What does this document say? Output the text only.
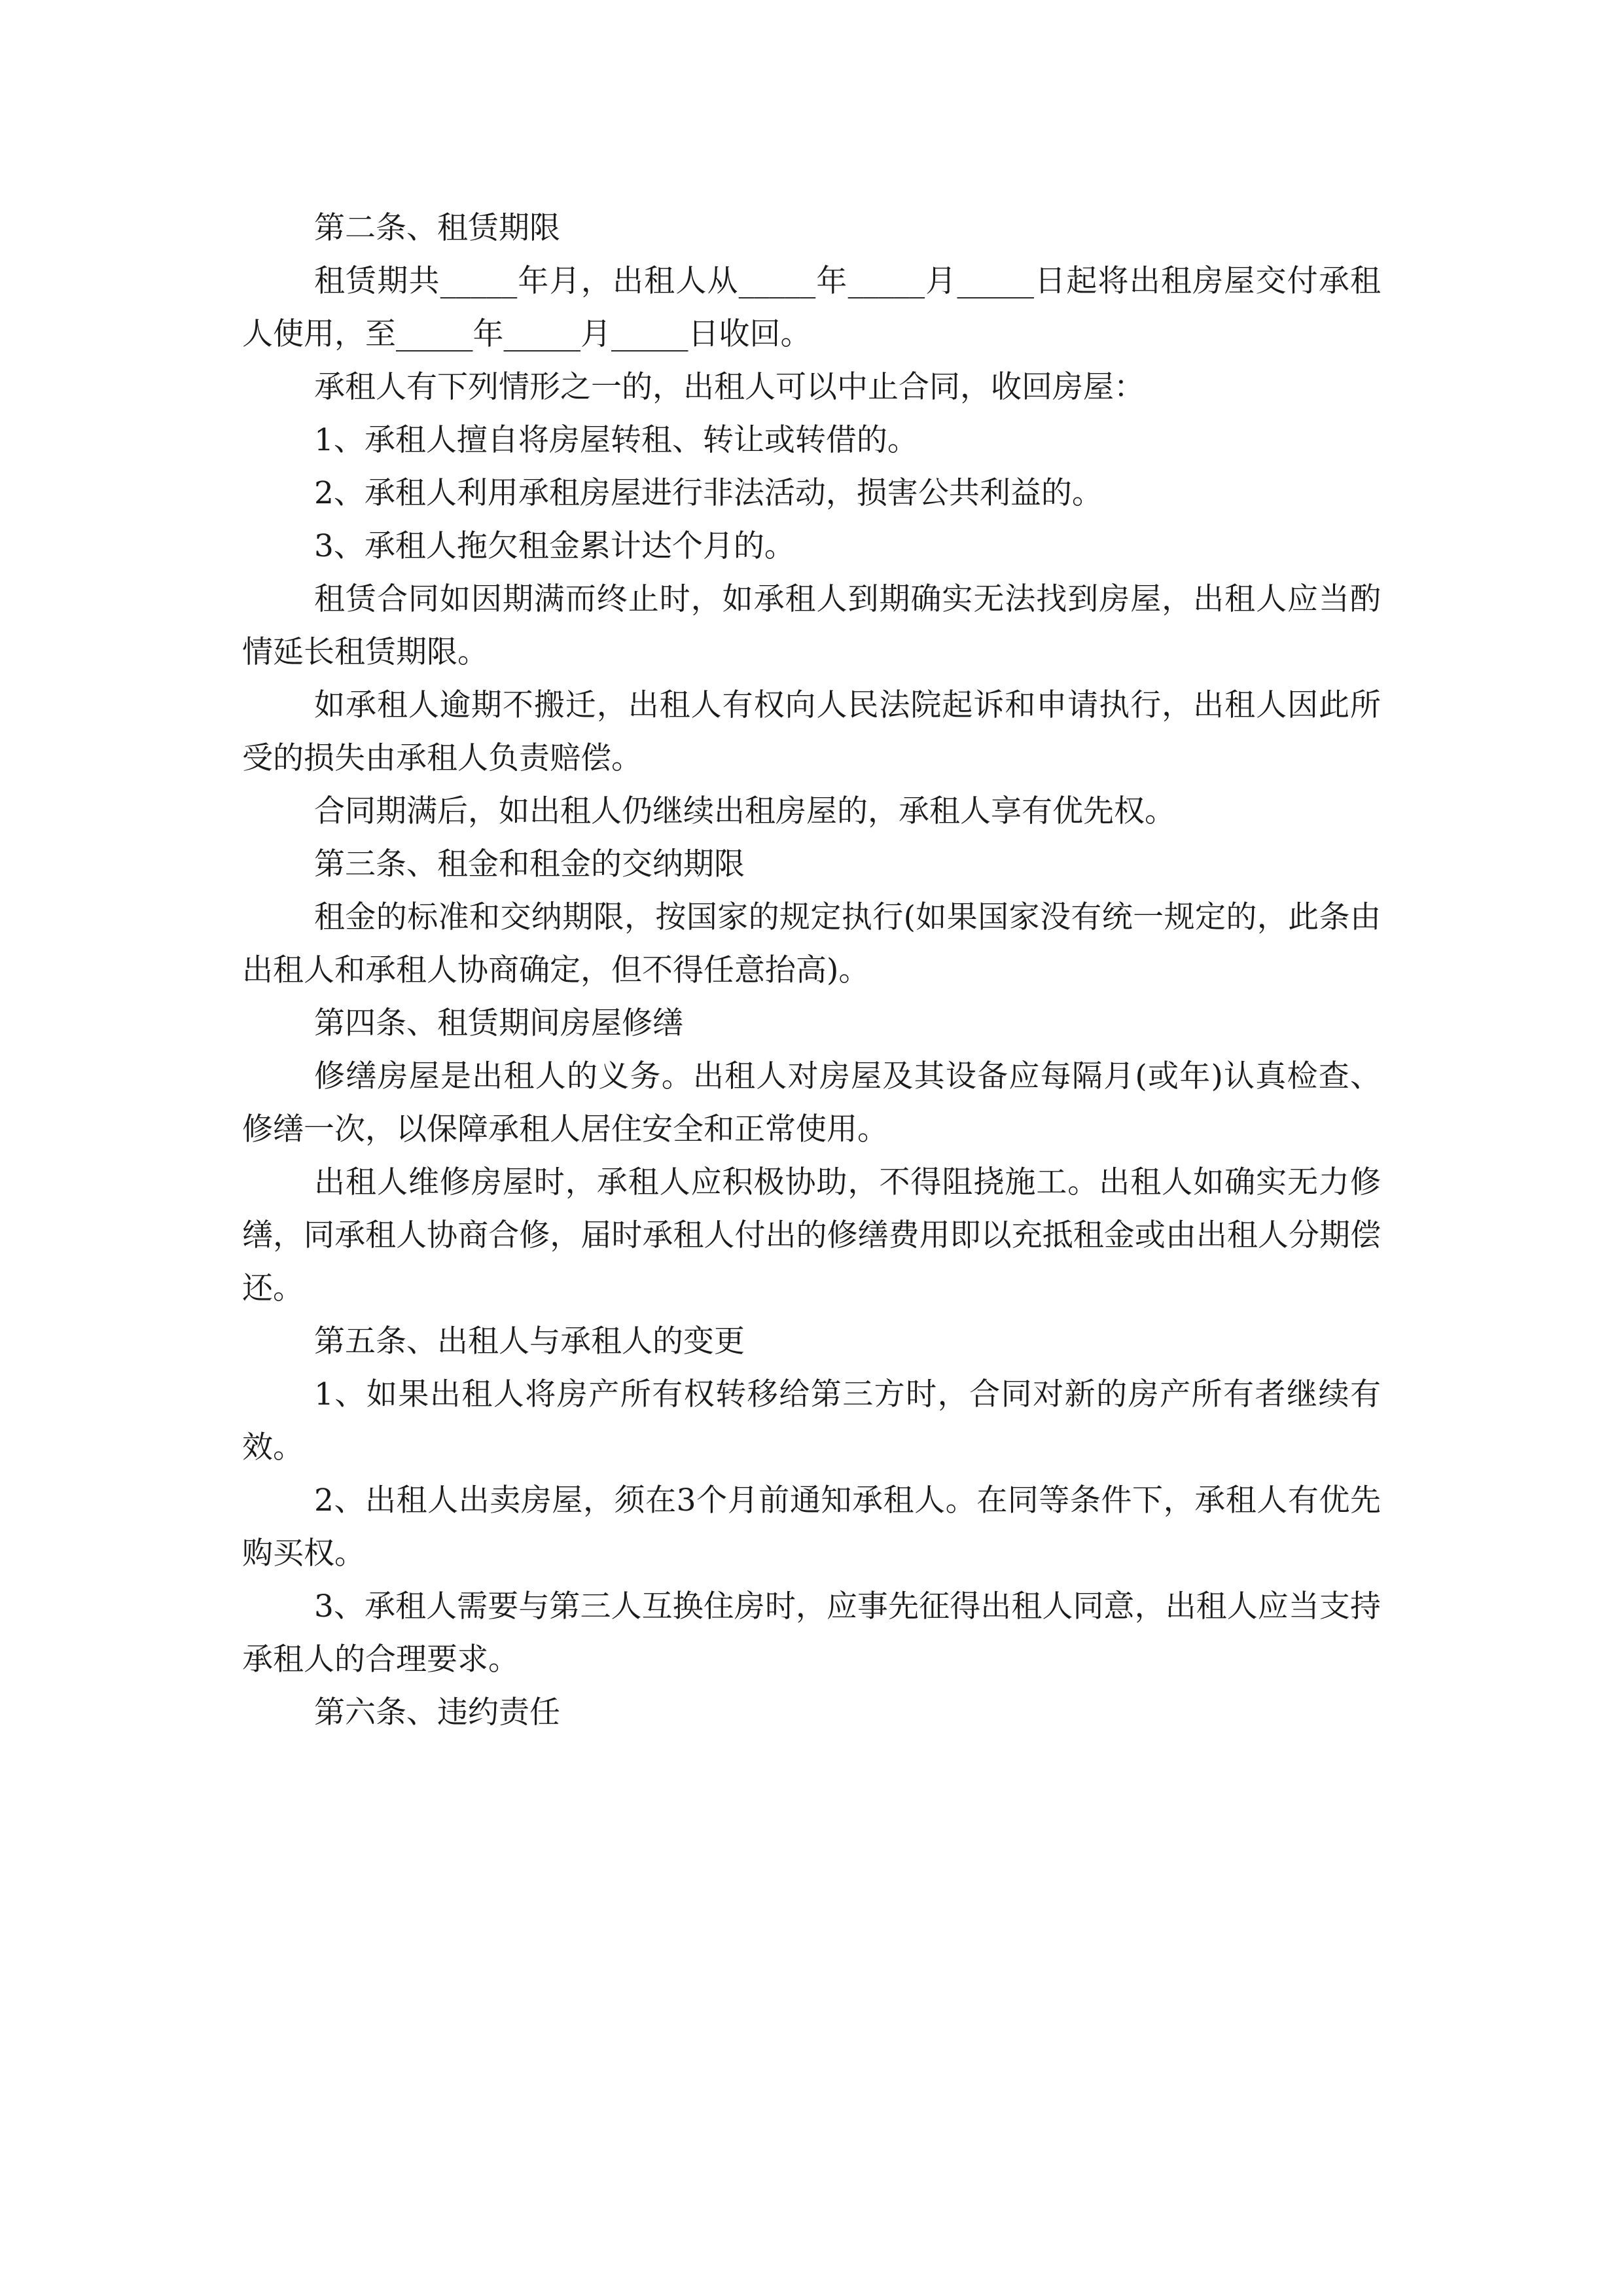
第二条、租赁期限

租赁期共_____年月，出租人从_____年_____月_____日起将出租房屋交付承租人使用，至_____年_____月_____日收回。

承租人有下列情形之一的，出租人可以中止合同，收回房屋：

1、承租人擅自将房屋转租、转让或转借的。

2、承租人利用承租房屋进行非法活动，损害公共利益的。

3、承租人拖欠租金累计达个月的。

租赁合同如因期满而终止时，如承租人到期确实无法找到房屋，出租人应当酌情延长租赁期限。

如承租人逾期不搬迁，出租人有权向人民法院起诉和申请执行，出租人因此所受的损失由承租人负责赔偿。

合同期满后，如出租人仍继续出租房屋的，承租人享有优先权。

第三条、租金和租金的交纳期限

租金的标准和交纳期限，按国家的规定执行(如果国家没有统一规定的，此条由出租人和承租人协商确定，但不得任意抬高)。

第四条、租赁期间房屋修缮

修缮房屋是出租人的义务。出租人对房屋及其设备应每隔月(或年)认真检查、修缮一次，以保障承租人居住安全和正常使用。

出租人维修房屋时，承租人应积极协助，不得阻挠施工。出租人如确实无力修缮，同承租人协商合修，届时承租人付出的修缮费用即以充抵租金或由出租人分期偿还。

第五条、出租人与承租人的变更

1、如果出租人将房产所有权转移给第三方时，合同对新的房产所有者继续有效。

2、出租人出卖房屋，须在3个月前通知承租人。在同等条件下，承租人有优先购买权。

3、承租人需要与第三人互换住房时，应事先征得出租人同意，出租人应当支持承租人的合理要求。

第六条、违约责任
